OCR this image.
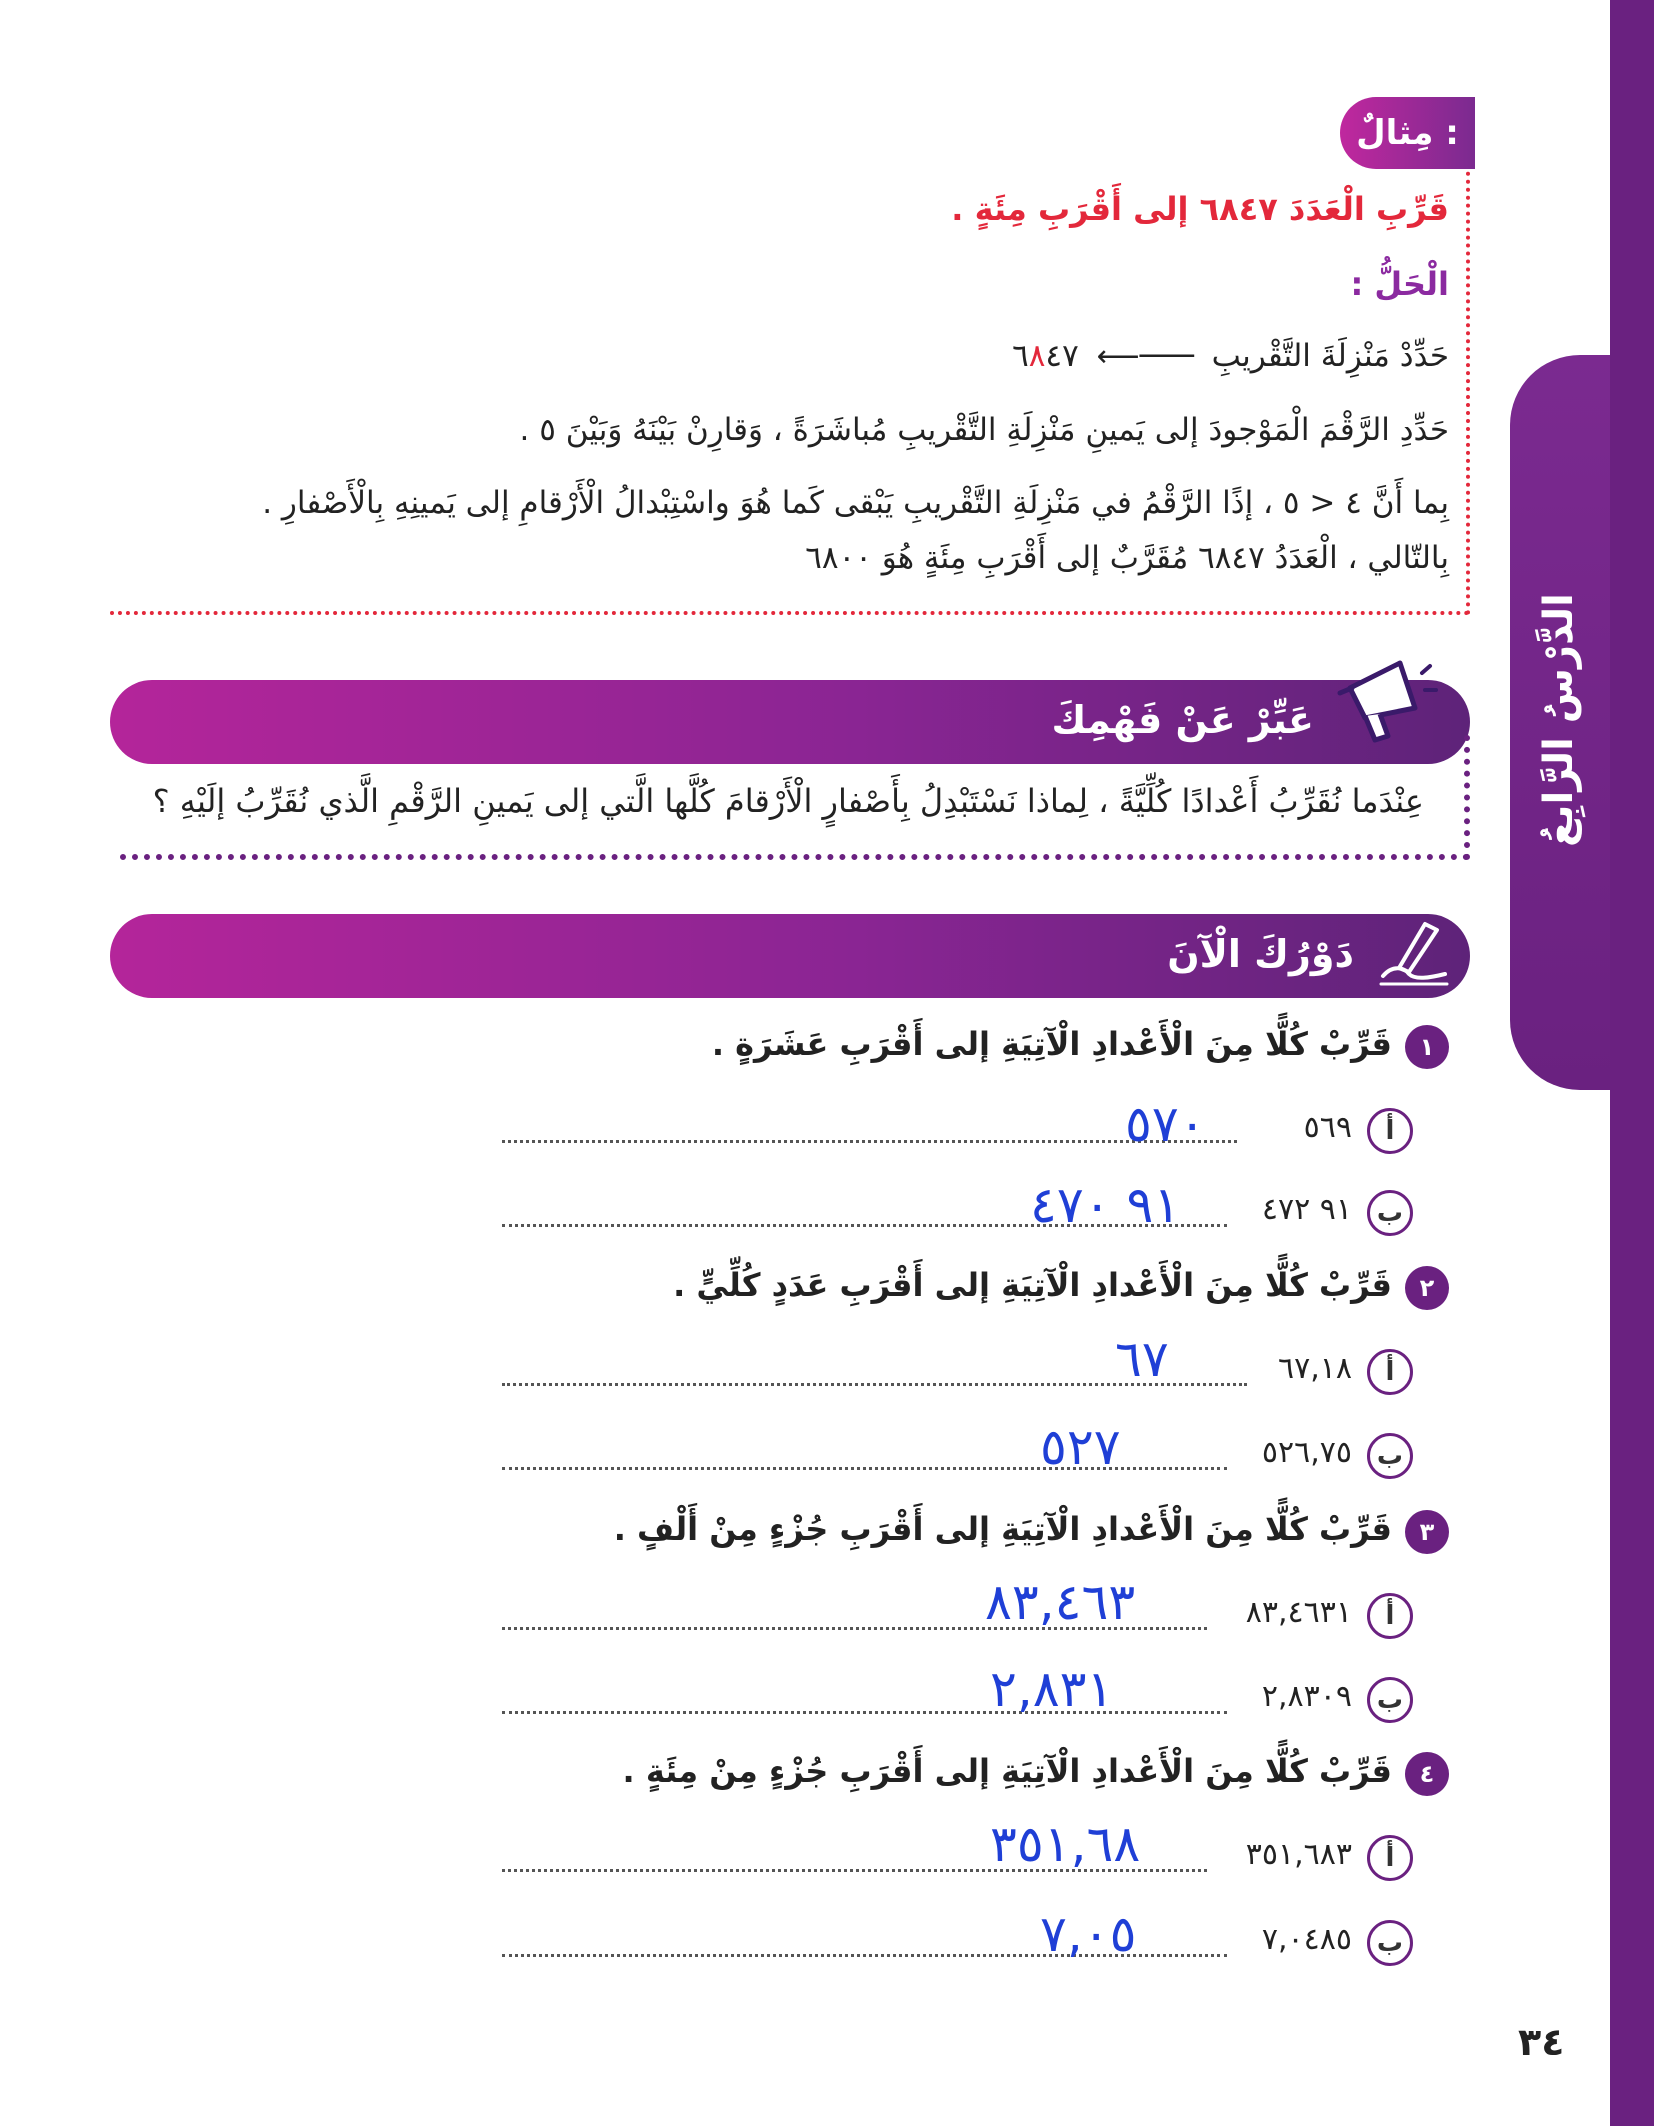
الدَّرْسُ الرَّابِعُ
مِثالٌ :
قَرِّبِ الْعَدَدَ ٦٨٤٧ إلى أَقْرَبِ مِئَةٍ .
الْحَلُّ :
حَدِّدْ مَنْزِلَةَ التَّقْريبِ ⟵─── ٦٨٤٧
حَدِّدِ الرَّقْمَ الْمَوْجودَ إلى يَمينِ مَنْزِلَةِ التَّقْريبِ مُباشَرَةً ، وَقارِنْ بَيْنَهُ وَبَيْنَ ٥ .
بِما أَنَّ ٤ < ٥ ، إذًا الرَّقْمُ في مَنْزِلَةِ التَّقْريبِ يَبْقى كَما هُوَ واسْتِبْدالُ الْأَرْقامِ إلى يَمينِهِ بِالْأَصْفارِ .
بِالتّالي ، الْعَدَدُ ٦٨٤٧ مُقَرَّبٌ إلى أَقْرَبِ مِئَةٍ هُوَ ٦٨٠٠
عَبِّرْ عَنْ فَهْمِكَ
عِنْدَما نُقَرِّبُ أَعْدادًا كُلِّيَّةً ، لِماذا نَسْتَبْدِلُ بِأَصْفارٍ الْأَرْقامَ كُلَّها الَّتي إلى يَمينِ الرَّقْمِ الَّذي نُقَرِّبُ إلَيْهِ ؟
دَوْرُكَ الْآنَ
١
قَرِّبْ كُلًّا مِنَ الْأَعْدادِ الْآتِيَةِ إلى أَقْرَبِ عَشَرَةٍ .
أ
٥٦٩
٥٧٠
ب
٩١ ٤٧٢
٩١ ٤٧٠
٢
قَرِّبْ كُلًّا مِنَ الْأَعْدادِ الْآتِيَةِ إلى أَقْرَبِ عَدَدٍ كُلِّيٍّ .
أ
٦٧,١٨
٦٧
ب
٥٢٦,٧٥
٥٢٧
٣
قَرِّبْ كُلًّا مِنَ الْأَعْدادِ الْآتِيَةِ إلى أَقْرَبِ جُزْءٍ مِنْ أَلْفٍ .
أ
٨٣,٤٦٣١
٨٣,٤٦٣
ب
٢,٨٣٠٩
٢,٨٣١
٤
قَرِّبْ كُلًّا مِنَ الْأَعْدادِ الْآتِيَةِ إلى أَقْرَبِ جُزْءٍ مِنْ مِئَةٍ .
أ
٣٥١,٦٨٣
٣٥١,٦٨
ب
٧,٠٤٨٥
٧,٠٥
٣٤
